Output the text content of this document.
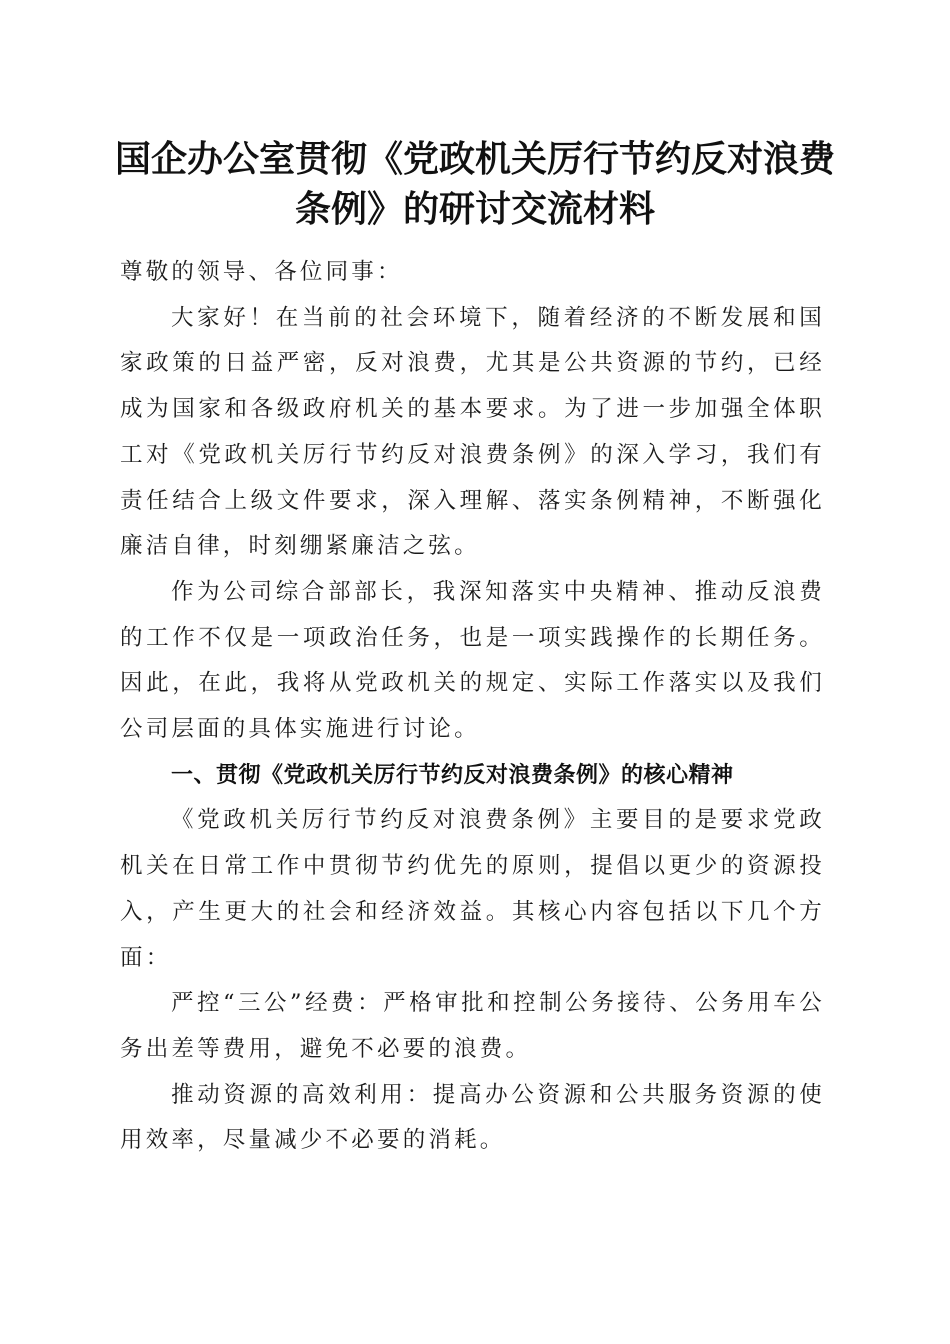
国企办公室贯彻《党政机关厉行节约反对浪费
条例》的研讨交流材料

尊敬的领导、各位同事：

大家好！在当前的社会环境下，随着经济的不断发展和国家政策的日益严密，反对浪费，尤其是公共资源的节约，已经成为国家和各级政府机关的基本要求。为了进一步加强全体职工对《党政机关厉行节约反对浪费条例》的深入学习，我们有责任结合上级文件要求，深入理解、落实条例精神，不断强化廉洁自律，时刻绷紧廉洁之弦。

作为公司综合部部长，我深知落实中央精神、推动反浪费的工作不仅是一项政治任务，也是一项实践操作的长期任务。因此，在此，我将从党政机关的规定、实际工作落实以及我们公司层面的具体实施进行讨论。

一、贯彻《党政机关厉行节约反对浪费条例》的核心精神

《党政机关厉行节约反对浪费条例》主要目的是要求党政机关在日常工作中贯彻节约优先的原则，提倡以更少的资源投入，产生更大的社会和经济效益。其核心内容包括以下几个方面：

严控“三公”经费：严格审批和控制公务接待、公务用车公务出差等费用，避免不必要的浪费。

推动资源的高效利用：提高办公资源和公共服务资源的使用效率，尽量减少不必要的消耗。
